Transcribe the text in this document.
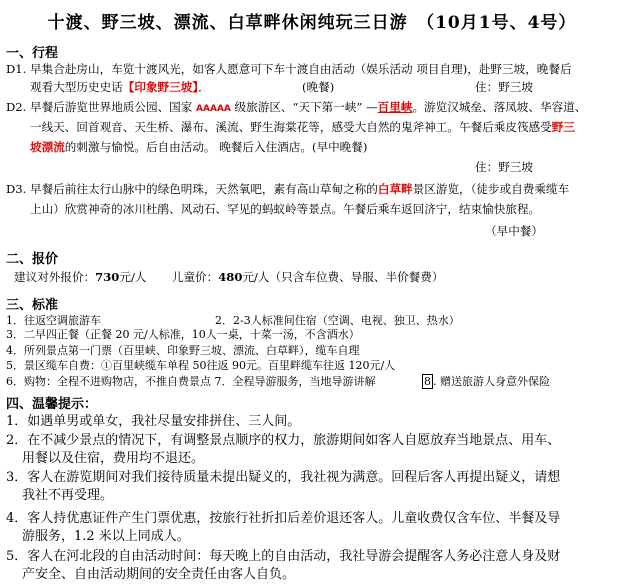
十渡、野三坡、漂流、白草畔休闲纯玩三日游　（10月1号、4号）
一、行程
D1. 早集合赴房山，车览十渡风光，如客人愿意可下车十渡自由活动（娱乐活动 项目自理)，赴野三坡，晚餐后
观看大型历史史话【印象野三坡】．	(晚餐)	住：野三坡
D2. 早餐后游览世界地质公园、国家 AAAAA 级旅游区、“天下第一峡” —百里峡。游览汉城垒、落凤坡、华容道、
一线天、回首观音、天生桥、瀑布、溪流、野生海棠花等，感受大自然的鬼斧神工。午餐后乘皮筏感受野三
坡漂流的刺激与愉悦。后自由活动。 晚餐后入住酒店。(早中晚餐)
住：野三坡
D3. 早餐后前往太行山脉中的绿色明珠，天然氧吧，素有高山草甸之称的白草畔景区游览，（徒步或自费乘缆车
上山）欣赏神奇的冰川杜鹃、风动石、罕见的蚂蚁岭等景点。午餐后乘车返回济宁，结束愉快旅程。
（早中餐）
二、报价
建议对外报价：730元/人 儿童价：480元/人（只含车位费、导服、半价餐费）
三、标准
1．往返空调旅游车	2．2-3人标准间住宿（空调、电视、独卫、热水）
3．二早四正餐（正餐 20 元/人标准，10人一桌，十菜一汤，不含酒水）
4．所列景点第一门票（百里峡、印象野三坡、漂流、白草畔），缆车自理
5．景区缆车自费：①百里峡缆车单程 50往返 90元。百里畔缆车往返 120元/人
6．购物：全程不进购物店，不推自费景点 7．全程导游服务，当地导游讲解	8 . 赠送旅游人身意外保险
四、温馨提示：
1．如遇单男或单女，我社尽量安排拼住、三人间。
2．在不减少景点的情况下，有调整景点顺序的权力，旅游期间如客人自愿放弃当地景点、用车、
用餐以及住宿，费用均不退还。
3．客人在游览期间对我们接待质量未提出疑义的，我社视为满意。回程后客人再提出疑义，请想
我社不再受理。
4．客人持优惠证件产生门票优惠，按旅行社折扣后差价退还客人。儿童收费仅含车位、半餐及导
游服务，1.2 米以上同成人。
5．客人在河北段的自由活动时间：每天晚上的自由活动，我社导游会提醒客人务必注意人身及财
产安全、自由活动期间的安全责任由客人自负。
